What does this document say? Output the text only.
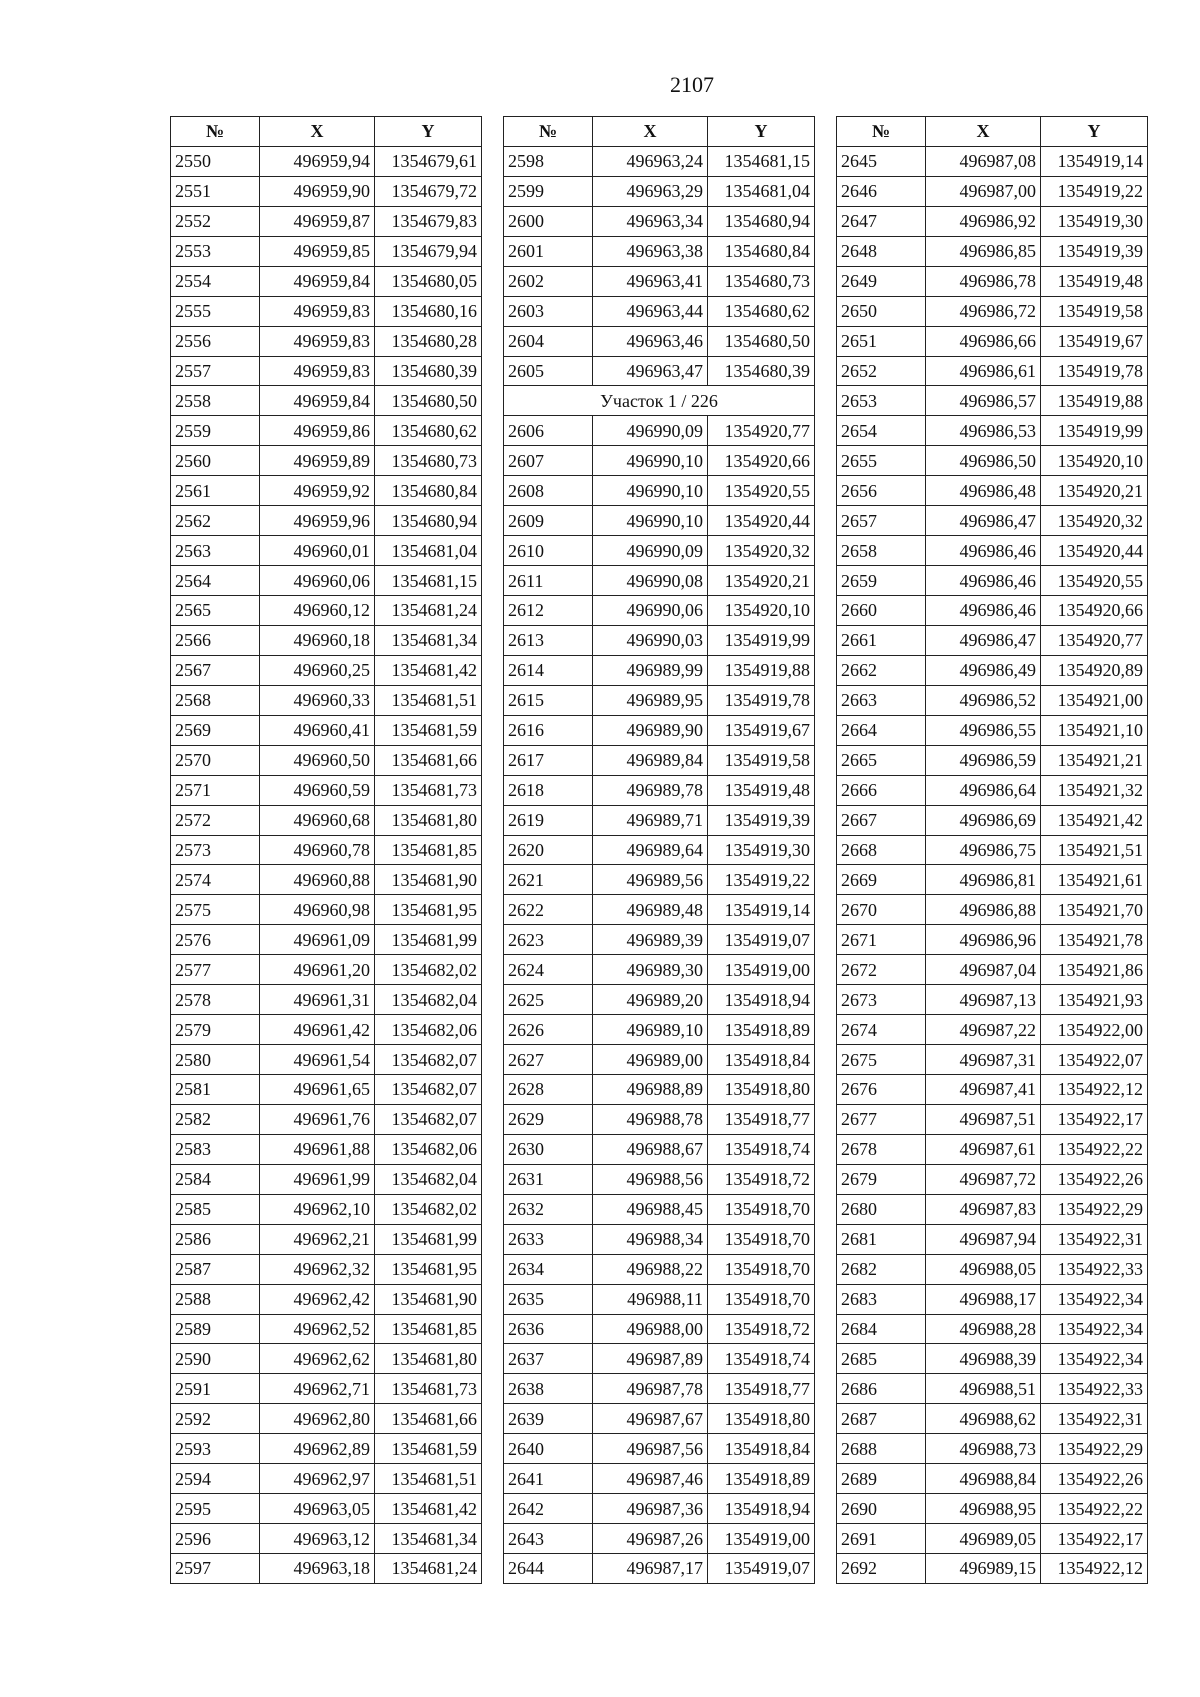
2107
№	X	Y
2550	496959,94	1354679,61
2551	496959,90	1354679,72
2552	496959,87	1354679,83
2553	496959,85	1354679,94
2554	496959,84	1354680,05
2555	496959,83	1354680,16
2556	496959,83	1354680,28
2557	496959,83	1354680,39
2558	496959,84	1354680,50
2559	496959,86	1354680,62
2560	496959,89	1354680,73
2561	496959,92	1354680,84
2562	496959,96	1354680,94
2563	496960,01	1354681,04
2564	496960,06	1354681,15
2565	496960,12	1354681,24
2566	496960,18	1354681,34
2567	496960,25	1354681,42
2568	496960,33	1354681,51
2569	496960,41	1354681,59
2570	496960,50	1354681,66
2571	496960,59	1354681,73
2572	496960,68	1354681,80
2573	496960,78	1354681,85
2574	496960,88	1354681,90
2575	496960,98	1354681,95
2576	496961,09	1354681,99
2577	496961,20	1354682,02
2578	496961,31	1354682,04
2579	496961,42	1354682,06
2580	496961,54	1354682,07
2581	496961,65	1354682,07
2582	496961,76	1354682,07
2583	496961,88	1354682,06
2584	496961,99	1354682,04
2585	496962,10	1354682,02
2586	496962,21	1354681,99
2587	496962,32	1354681,95
2588	496962,42	1354681,90
2589	496962,52	1354681,85
2590	496962,62	1354681,80
2591	496962,71	1354681,73
2592	496962,80	1354681,66
2593	496962,89	1354681,59
2594	496962,97	1354681,51
2595	496963,05	1354681,42
2596	496963,12	1354681,34
2597	496963,18	1354681,24
№	X	Y
2598	496963,24	1354681,15
2599	496963,29	1354681,04
2600	496963,34	1354680,94
2601	496963,38	1354680,84
2602	496963,41	1354680,73
2603	496963,44	1354680,62
2604	496963,46	1354680,50
2605	496963,47	1354680,39
Участок 1 / 226		
2606	496990,09	1354920,77
2607	496990,10	1354920,66
2608	496990,10	1354920,55
2609	496990,10	1354920,44
2610	496990,09	1354920,32
2611	496990,08	1354920,21
2612	496990,06	1354920,10
2613	496990,03	1354919,99
2614	496989,99	1354919,88
2615	496989,95	1354919,78
2616	496989,90	1354919,67
2617	496989,84	1354919,58
2618	496989,78	1354919,48
2619	496989,71	1354919,39
2620	496989,64	1354919,30
2621	496989,56	1354919,22
2622	496989,48	1354919,14
2623	496989,39	1354919,07
2624	496989,30	1354919,00
2625	496989,20	1354918,94
2626	496989,10	1354918,89
2627	496989,00	1354918,84
2628	496988,89	1354918,80
2629	496988,78	1354918,77
2630	496988,67	1354918,74
2631	496988,56	1354918,72
2632	496988,45	1354918,70
2633	496988,34	1354918,70
2634	496988,22	1354918,70
2635	496988,11	1354918,70
2636	496988,00	1354918,72
2637	496987,89	1354918,74
2638	496987,78	1354918,77
2639	496987,67	1354918,80
2640	496987,56	1354918,84
2641	496987,46	1354918,89
2642	496987,36	1354918,94
2643	496987,26	1354919,00
2644	496987,17	1354919,07
№	X	Y
2645	496987,08	1354919,14
2646	496987,00	1354919,22
2647	496986,92	1354919,30
2648	496986,85	1354919,39
2649	496986,78	1354919,48
2650	496986,72	1354919,58
2651	496986,66	1354919,67
2652	496986,61	1354919,78
2653	496986,57	1354919,88
2654	496986,53	1354919,99
2655	496986,50	1354920,10
2656	496986,48	1354920,21
2657	496986,47	1354920,32
2658	496986,46	1354920,44
2659	496986,46	1354920,55
2660	496986,46	1354920,66
2661	496986,47	1354920,77
2662	496986,49	1354920,89
2663	496986,52	1354921,00
2664	496986,55	1354921,10
2665	496986,59	1354921,21
2666	496986,64	1354921,32
2667	496986,69	1354921,42
2668	496986,75	1354921,51
2669	496986,81	1354921,61
2670	496986,88	1354921,70
2671	496986,96	1354921,78
2672	496987,04	1354921,86
2673	496987,13	1354921,93
2674	496987,22	1354922,00
2675	496987,31	1354922,07
2676	496987,41	1354922,12
2677	496987,51	1354922,17
2678	496987,61	1354922,22
2679	496987,72	1354922,26
2680	496987,83	1354922,29
2681	496987,94	1354922,31
2682	496988,05	1354922,33
2683	496988,17	1354922,34
2684	496988,28	1354922,34
2685	496988,39	1354922,34
2686	496988,51	1354922,33
2687	496988,62	1354922,31
2688	496988,73	1354922,29
2689	496988,84	1354922,26
2690	496988,95	1354922,22
2691	496989,05	1354922,17
2692	496989,15	1354922,12
